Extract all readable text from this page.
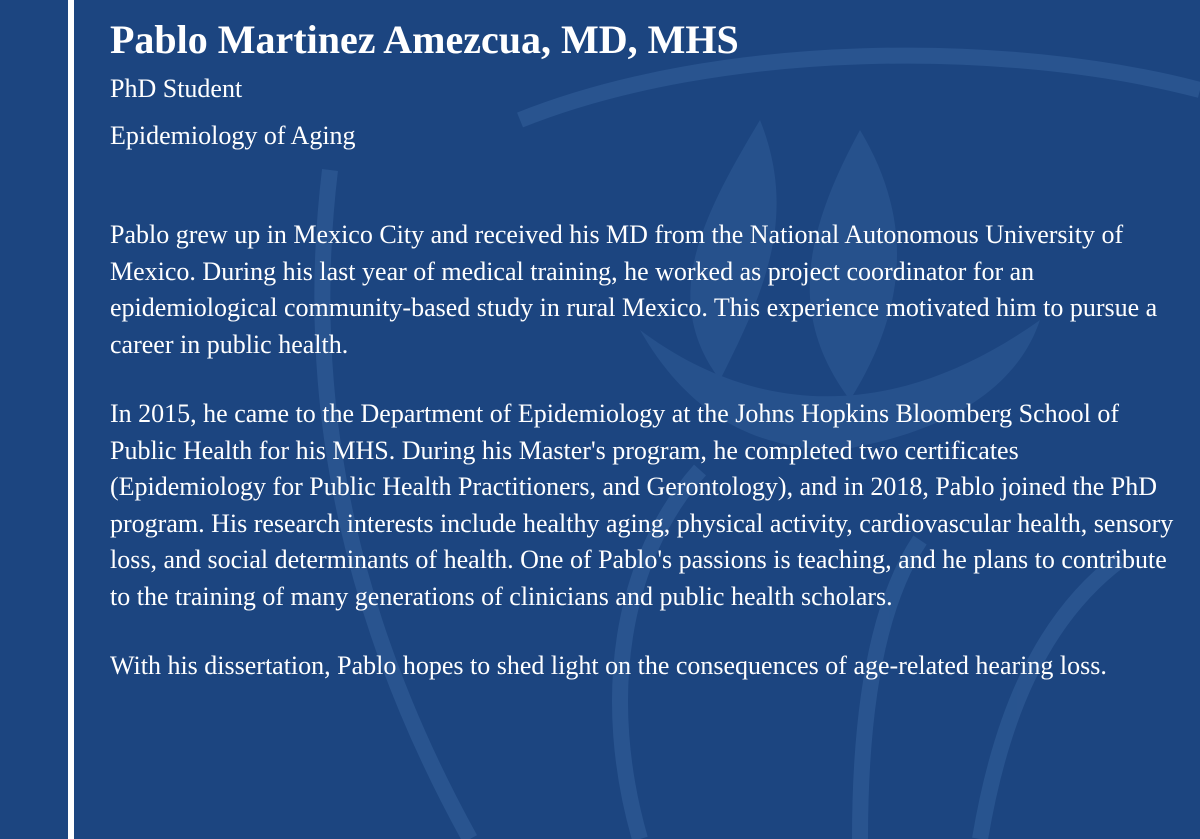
Pablo Martinez Amezcua, MD, MHS
PhD Student
Epidemiology of Aging

Pablo grew up in Mexico City and received his MD from the National Autonomous University of Mexico. During his last year of medical training, he worked as project coordinator for an epidemiological community-based study in rural Mexico. This experience motivated him to pursue a career in public health.

In 2015, he came to the Department of Epidemiology at the Johns Hopkins Bloomberg School of Public Health for his MHS. During his Master's program, he completed two certificates (Epidemiology for Public Health Practitioners, and Gerontology), and in 2018, Pablo joined the PhD program. His research interests include healthy aging, physical activity, cardiovascular health, sensory loss, and social determinants of health. One of Pablo's passions is teaching, and he plans to contribute to the training of many generations of clinicians and public health scholars.

With his dissertation, Pablo hopes to shed light on the consequences of age-related hearing loss.
